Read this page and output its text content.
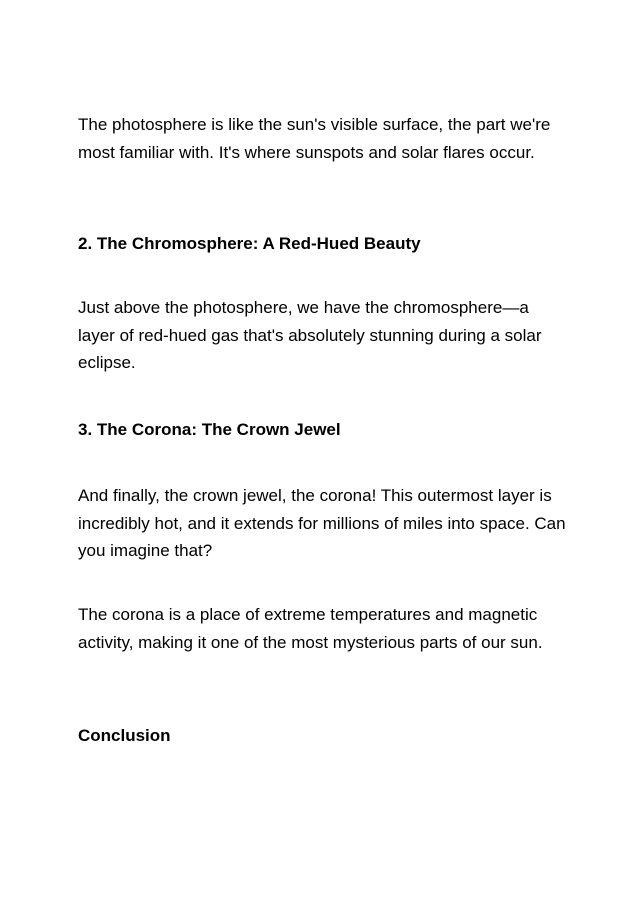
The photosphere is like the sun's visible surface, the part we're most familiar with. It's where sunspots and solar flares occur.

2. The Chromosphere: A Red-Hued Beauty

Just above the photosphere, we have the chromosphere—a layer of red-hued gas that's absolutely stunning during a solar eclipse.

3. The Corona: The Crown Jewel

And finally, the crown jewel, the corona! This outermost layer is incredibly hot, and it extends for millions of miles into space. Can you imagine that?

The corona is a place of extreme temperatures and magnetic activity, making it one of the most mysterious parts of our sun.

Conclusion
